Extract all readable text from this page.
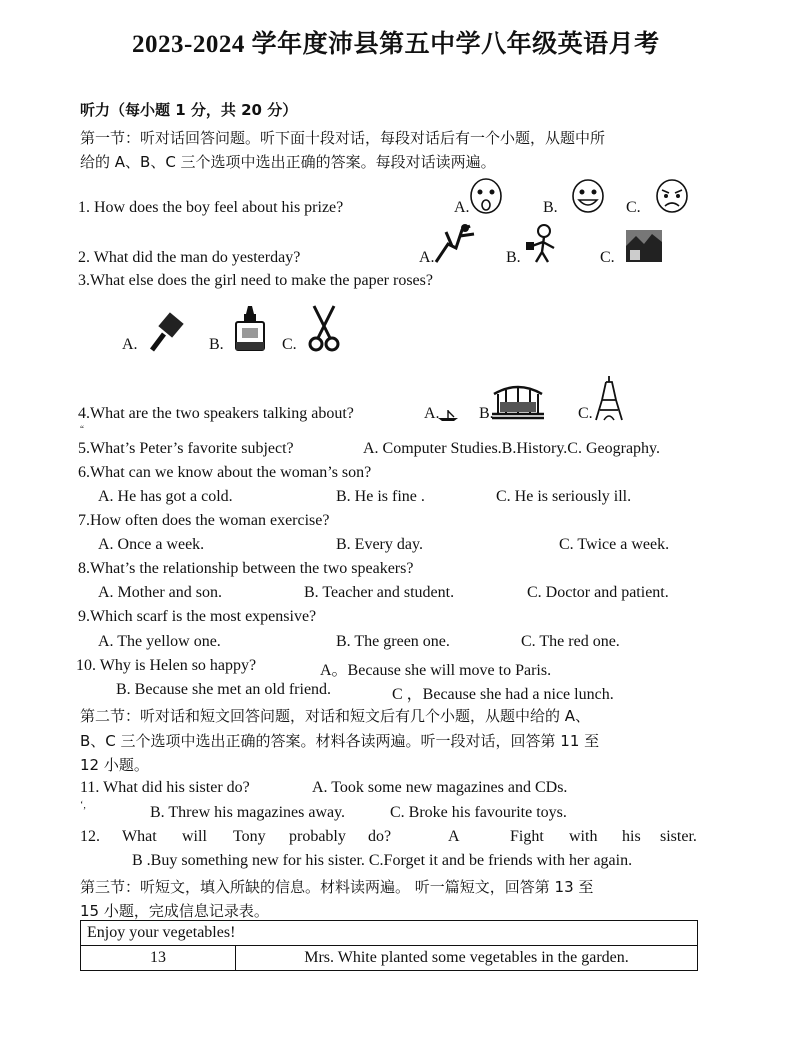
2023-2024 学年度沛县第五中学八年级英语月考
听力（每小题 1 分，共 20 分）
第一节：听对话回答问题。听下面十段对话，每段对话后有一个小题，从题中所
给的 A、B、C 三个选项中选出正确的答案。每段对话读两遍。
1. How does the boy feel about his prize?	A.	B.	C.
2. What did the man do yesterday?	A.	B.	C.
3.What else does the girl need to make the paper roses?
A.	B.	C.
4.What are the two speakers talking about?	A. B.	C.
“
5.What’s Peter’s favorite subject?	A. Computer Studies.B.History.C. Geography.
6.What can we know about the woman’s son?
A. He has got a cold.	B. He is fine .	C. He is seriously ill.
7.How often does the woman exercise?
A. Once a week.	B. Every day.	C. Twice a week.
8.What’s the relationship between the two speakers?
A. Mother and son.	B. Teacher and student.	C. Doctor and patient.
9.Which scarf is the most expensive?
A. The yellow one.	B. The green one.	C. The red one.
10. Why is Helen so happy?	A。Because she will move to Paris.
B. Because she met an old friend.	C ，Because she had a nice lunch.
第二节：听对话和短文回答问题，对话和短文后有几个小题，从题中给的 A、
B、C 三个选项中选出正确的答案。材料各读两遍。听一段对话，回答第 11 至
12 小题。
11. What did his sister do?	A. Took some new magazines and CDs.
ʻ,	B. Threw his magazines away.	C. Broke his favourite toys.
12. What will Tony probably do?	A	Fight with his sister.
B .Buy something new for his sister. C.Forget it and be friends with her again.
第三节：听短文，填入所缺的信息。材料读两遍。 听一篇短文，回答第 13 至
15 小题，完成信息记录表。
Enjoy your vegetables!
13	Mrs. White planted some vegetables in the garden.
